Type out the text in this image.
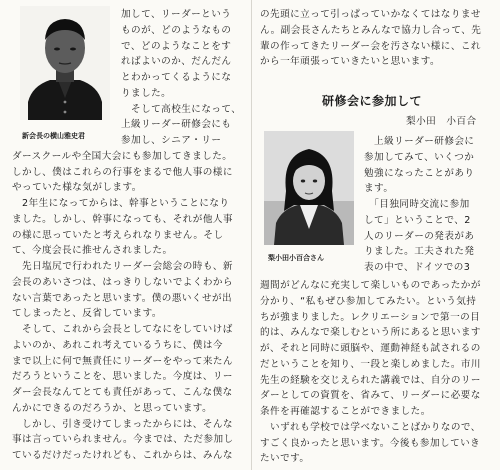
新会長の横山雅史君
加して、リーダーという
ものが、どのようなもの
で、どのようなことをす
ればよいのか、だんだん
とわかってくるようにな
りました。
　そして高校生になって、
上級リーダー研修会にも
参加し、シニア・リー
ダースクールや全国大会にも参加してきました。
しかし、僕はこれらの行事をまるで他人事の様に
やっていた様な気がします。
　2年生になってからは、幹事ということになり
ました。しかし、幹事になっても、それが他人事
の様に思っていたと考えられなりません。そし
て、今度会長に推せんされました。
　先日塩尻で行われたリーダー会総会の時も、新
会長のあいさつは、はっきりしないでよくわから
ない言葉であったと思います。僕の悪いくせが出
てしまったと、反省しています。
　そして、これから会長としてなにをしていけば
よいのか、あれこれ考えているうちに、僕は今
まで以上に何で無責任にリーダーをやって来たん
だろうということを、思いました。今度は、リー
ダー会長なんてとても責任があって、こんな僕な
んかにできるのだろうか、と思っています。
　しかし、引き受けてしまったからには、そんな
事は言っていられません。今までは、ただ参加し
ているだけだったけれども、これからは、みんな
の先頭に立って引っぱっていかなくてはなりませ
ん。副会長さんたちとみんなで協力し合って、先
輩の作ってきたリーダー会を汚さない様に、これ
から一年頑張っていきたいと思います。
研修会に参加して
梨小田　小百合
梨小田小百合さん
　上級リーダー研修会に
参加してみて、いくつか
勉強になったことがあり
ます。
　「目独同時交流に参加
して」ということで、2
人のリーダーの発表があ
りました。工夫された発
表の中で、ドイツでの3
週間がどんなに充実して楽しいものであったかが
分かり、“私もぜひ参加してみたい。という気持
ちが強まりました。レクリエーションで第一の目
的は、みんなで楽しむという所にあると思います
が、それと同時に頭脳や、運動神経も試されるの
だということを知り、一段と楽しめました。市川
先生の経験を交じえられた講義では、自分のリー
ダーとしての資質を、省みて、リーダーに必要な
条件を再確認することができました。
　いずれも学校では学べないことばかりなので、
すごく良かったと思います。今後も参加していき
たいです。
